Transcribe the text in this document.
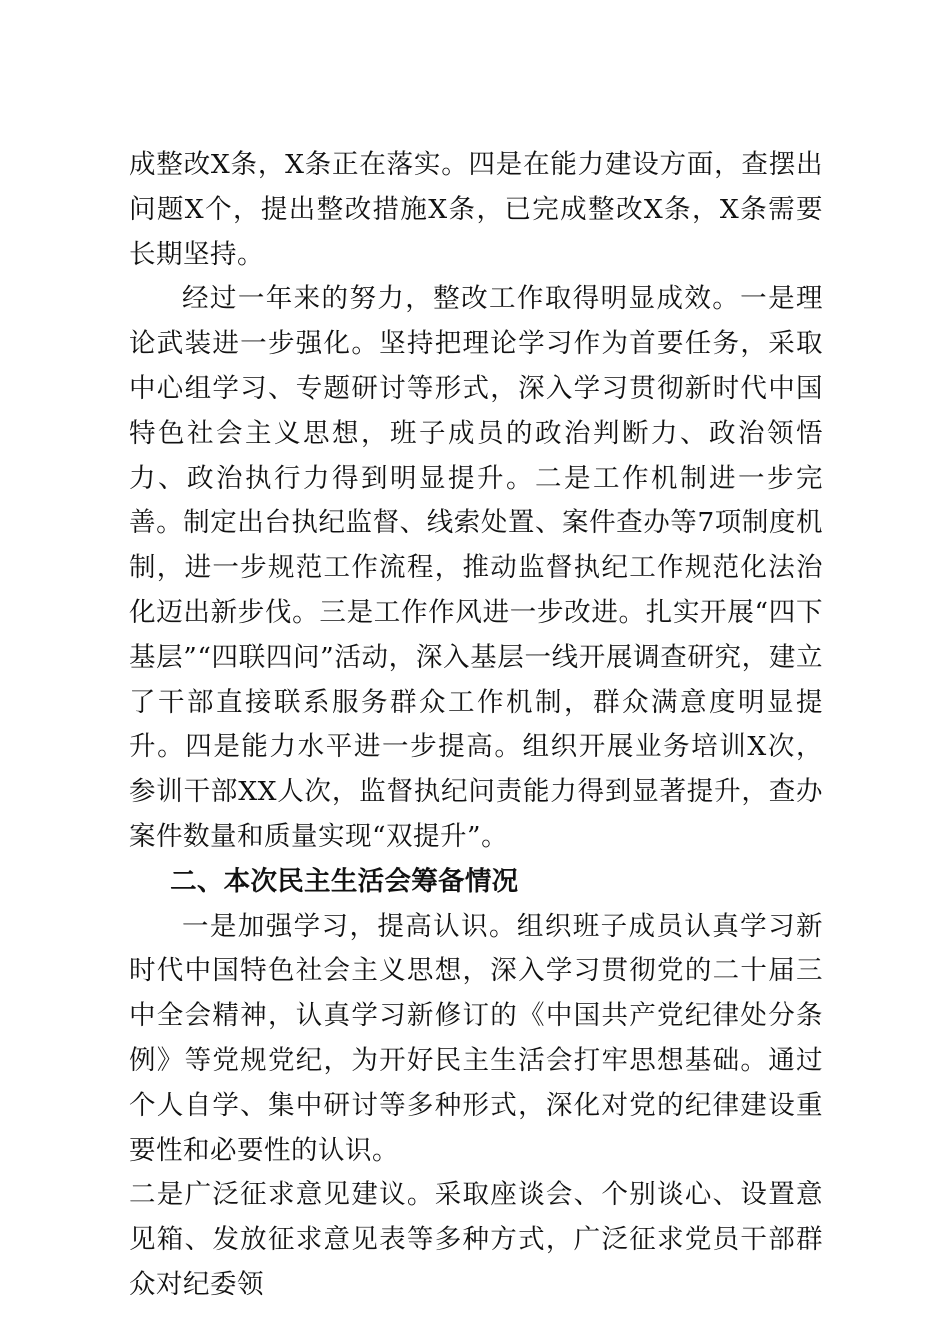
成整改X条，X条正在落实。四是在能力建设方面，查摆出问题X个，提出整改措施X条，已完成整改X条，X条需要长期坚持。

经过一年来的努力，整改工作取得明显成效。一是理论武装进一步强化。坚持把理论学习作为首要任务，采取中心组学习、专题研讨等形式，深入学习贯彻新时代中国特色社会主义思想，班子成员的政治判断力、政治领悟力、政治执行力得到明显提升。二是工作机制进一步完善。制定出台执纪监督、线索处置、案件查办等7项制度机制，进一步规范工作流程，推动监督执纪工作规范化法治化迈出新步伐。三是工作作风进一步改进。扎实开展“四下基层”“四联四问”活动，深入基层一线开展调查研究，建立了干部直接联系服务群众工作机制，群众满意度明显提升。四是能力水平进一步提高。组织开展业务培训X次，参训干部XX人次，监督执纪问责能力得到显著提升，查办案件数量和质量实现“双提升”。

二、本次民主生活会筹备情况

一是加强学习，提高认识。组织班子成员认真学习新时代中国特色社会主义思想，深入学习贯彻党的二十届三中全会精神，认真学习新修订的《中国共产党纪律处分条例》等党规党纪，为开好民主生活会打牢思想基础。通过个人自学、集中研讨等多种形式，深化对党的纪律建设重要性和必要性的认识。

二是广泛征求意见建议。采取座谈会、个别谈心、设置意见箱、发放征求意见表等多种方式，广泛征求党员干部群众对纪委领
